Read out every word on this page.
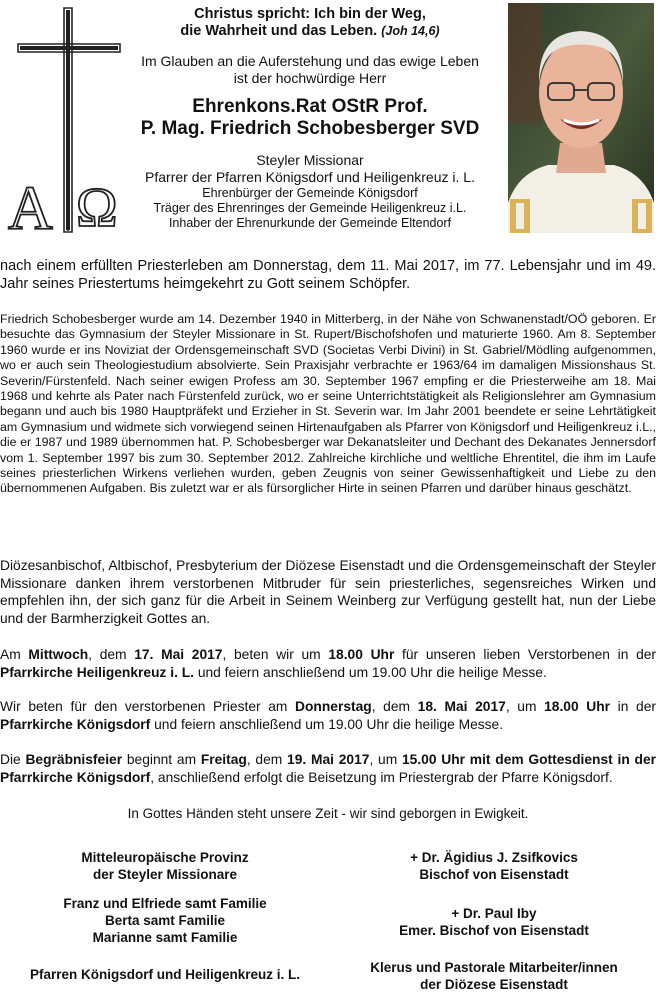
A Ω
Christus spricht: Ich bin der Weg,
die Wahrheit und das Leben. (Joh 14,6)
Im Glauben an die Auferstehung und das ewige Leben
ist der hochwürdige Herr
Ehrenkons.Rat OStR Prof.
P. Mag. Friedrich Schobesberger SVD
Steyler Missionar
Pfarrer der Pfarren Königsdorf und Heiligenkreuz i. L.
Ehrenbürger der Gemeinde Königsdorf
Träger des Ehrenringes der Gemeinde Heiligenkreuz i.L.
Inhaber der Ehrenurkunde der Gemeinde Eltendorf

nach einem erfüllten Priesterleben am Donnerstag, dem 11. Mai 2017, im 77. Lebensjahr und im 49. Jahr seines Priestertums heimgekehrt zu Gott seinem Schöpfer.

Friedrich Schobesberger wurde am 14. Dezember 1940 in Mitterberg, in der Nähe von Schwanenstadt/OÖ geboren. Er besuchte das Gymnasium der Steyler Missionare in St. Rupert/Bischofshofen und maturierte 1960. Am 8. September 1960 wurde er ins Noviziat der Ordensgemeinschaft SVD (Societas Verbi Divini) in St. Gabriel/Mödling aufgenommen, wo er auch sein Theologiestudium absolvierte. Sein Praxisjahr verbrachte er 1963/64 im damaligen Missionshaus St. Severin/Fürstenfeld. Nach seiner ewigen Profess am 30. September 1967 empfing er die Priesterweihe am 18. Mai 1968 und kehrte als Pater nach Fürstenfeld zurück, wo er seine Unterrichtstätigkeit als Religionslehrer am Gymnasium begann und auch bis 1980 Hauptpräfekt und Erzieher in St. Severin war. Im Jahr 2001 beendete er seine Lehrtätigkeit am Gymnasium und widmete sich vorwiegend seinen Hirtenaufgaben als Pfarrer von Königsdorf und Heiligenkreuz i.L., die er 1987 und 1989 übernommen hat. P. Schobesberger war Dekanatsleiter und Dechant des Dekanates Jennersdorf vom 1. September 1997 bis zum 30. September 2012. Zahlreiche kirchliche und weltliche Ehrentitel, die ihm im Laufe seines priesterlichen Wirkens verliehen wurden, geben Zeugnis von seiner Gewissenhaftigkeit und Liebe zu den übernommenen Aufgaben. Bis zuletzt war er als fürsorglicher Hirte in seinen Pfarren und darüber hinaus geschätzt.

Diözesanbischof, Altbischof, Presbyterium der Diözese Eisenstadt und die Ordensgemeinschaft der Steyler Missionare danken ihrem verstorbenen Mitbruder für sein priesterliches, segensreiches Wirken und empfehlen ihn, der sich ganz für die Arbeit in Seinem Weinberg zur Verfügung gestellt hat, nun der Liebe und der Barmherzigkeit Gottes an.

Am Mittwoch, dem 17. Mai 2017, beten wir um 18.00 Uhr für unseren lieben Verstorbenen in der Pfarrkirche Heiligenkreuz i. L. und feiern anschließend um 19.00 Uhr die heilige Messe.

Wir beten für den verstorbenen Priester am Donnerstag, dem 18. Mai 2017, um 18.00 Uhr in der Pfarrkirche Königsdorf und feiern anschließend um 19.00 Uhr die heilige Messe.

Die Begräbnisfeier beginnt am Freitag, dem 19. Mai 2017, um 15.00 Uhr mit dem Gottesdienst in der Pfarrkirche Königsdorf, anschließend erfolgt die Beisetzung im Priestergrab der Pfarre Königsdorf.

In Gottes Händen steht unsere Zeit - wir sind geborgen in Ewigkeit.

Mitteleuropäische Provinz
der Steyler Missionare
Franz und Elfriede samt Familie
Berta samt Familie
Marianne samt Familie
Pfarren Königsdorf und Heiligenkreuz i. L.
+ Dr. Ägidius J. Zsifkovics
Bischof von Eisenstadt
+ Dr. Paul Iby
Emer. Bischof von Eisenstadt
Klerus und Pastorale Mitarbeiter/innen
der Diözese Eisenstadt
